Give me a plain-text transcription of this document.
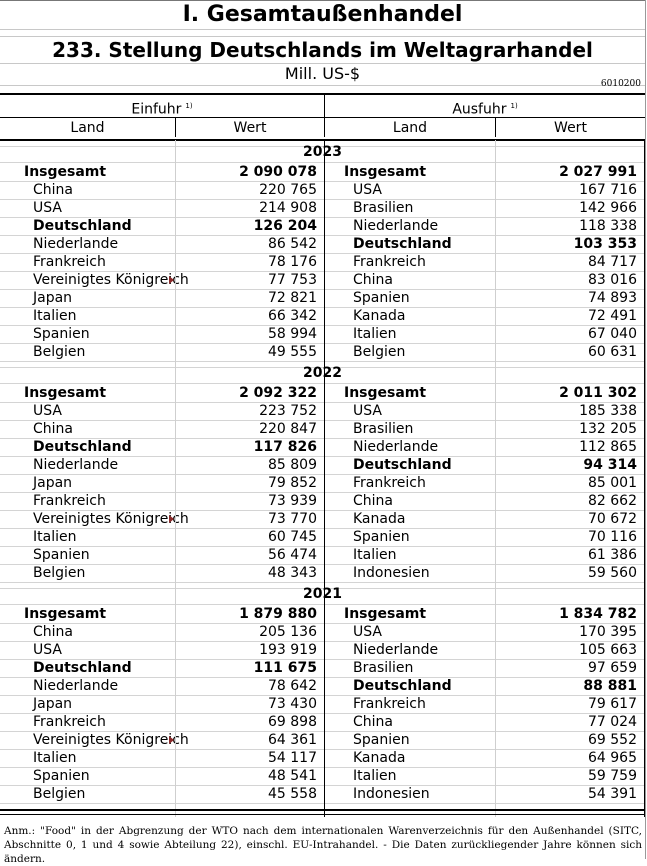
I. Gesamtaußenhandel
233. Stellung Deutschlands im Weltagrarhandel
Mill. US-$
6010200
Einfuhr $^{1)}$	Ausfuhr $^{1)}$
Land	Wert	Land	Wert
2023
Insgesamt	2 090 078 Insgesamt	2 027 991
China	220 765	USA	167 716
USA	214 908	Brasilien	142 966
Deutschland	126 204	Niederlande	118 338
Niederlande	86 542	Deutschland	103 353
Frankreich	78 176	Frankreich	84 717
Vereinigtes Königreich	77 753	China	83 016
Japan	72 821	Spanien	74 893
Italien	66 342	Kanada	72 491
Spanien	58 994	Italien	67 040
Belgien	49 555	Belgien	60 631
2022
Insgesamt	2 092 322 Insgesamt	2 011 302
USA	223 752	USA	185 338
China	220 847	Brasilien	132 205
Deutschland	117 826	Niederlande	112 865
Niederlande	85 809	Deutschland	94 314
Japan	79 852	Frankreich	85 001
Frankreich	73 939	China	82 662
Vereinigtes Königreich	73 770	Kanada	70 672
Italien	60 745	Spanien	70 116
Spanien	56 474	Italien	61 386
Belgien	48 343	Indonesien	59 560
2021
Insgesamt	1 879 880 Insgesamt	1 834 782
China	205 136	USA	170 395
USA	193 919	Niederlande	105 663
Deutschland	111 675	Brasilien	97 659
Niederlande	78 642	Deutschland	88 881
Japan	73 430	Frankreich	79 617
Frankreich	69 898	China	77 024
Vereinigtes Königreich	64 361	Spanien	69 552
Italien	54 117	Kanada	64 965
Spanien	48 541	Italien	59 759
Belgien	45 558	Indonesien	54 391
Anm.: "Food" in der Abgrenzung der WTO nach dem internationalen Warenverzeichnis für den Außenhandel (SITC, Abschnitte 0, 1 und 4 sowie Abteilung 22), einschl. EU-Intrahandel. - Die Daten zurückliegender Jahre können sich ändern.
